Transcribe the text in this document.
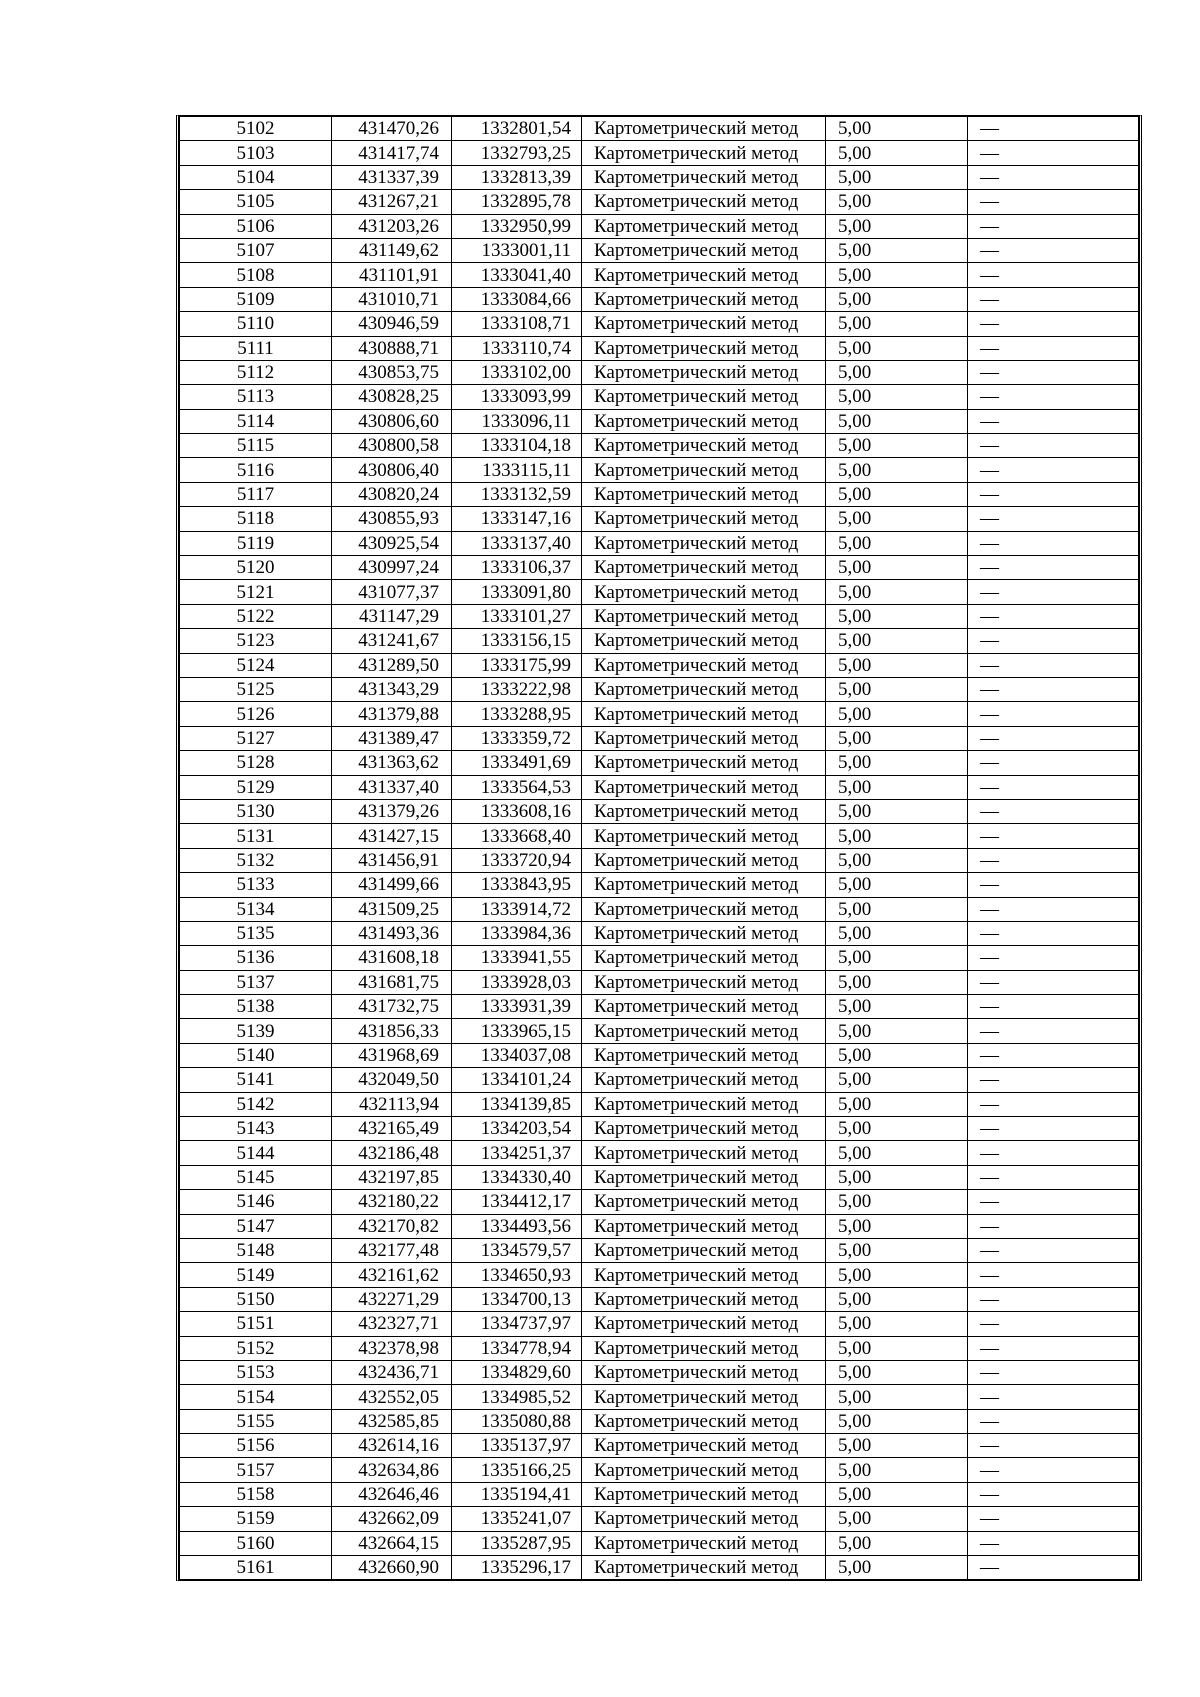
5102	431470,26	1332801,54	Картометрический метод	5,00	—
5103	431417,74	1332793,25	Картометрический метод	5,00	—
5104	431337,39	1332813,39	Картометрический метод	5,00	—
5105	431267,21	1332895,78	Картометрический метод	5,00	—
5106	431203,26	1332950,99	Картометрический метод	5,00	—
5107	431149,62	1333001,11	Картометрический метод	5,00	—
5108	431101,91	1333041,40	Картометрический метод	5,00	—
5109	431010,71	1333084,66	Картометрический метод	5,00	—
5110	430946,59	1333108,71	Картометрический метод	5,00	—
5111	430888,71	1333110,74	Картометрический метод	5,00	—
5112	430853,75	1333102,00	Картометрический метод	5,00	—
5113	430828,25	1333093,99	Картометрический метод	5,00	—
5114	430806,60	1333096,11	Картометрический метод	5,00	—
5115	430800,58	1333104,18	Картометрический метод	5,00	—
5116	430806,40	1333115,11	Картометрический метод	5,00	—
5117	430820,24	1333132,59	Картометрический метод	5,00	—
5118	430855,93	1333147,16	Картометрический метод	5,00	—
5119	430925,54	1333137,40	Картометрический метод	5,00	—
5120	430997,24	1333106,37	Картометрический метод	5,00	—
5121	431077,37	1333091,80	Картометрический метод	5,00	—
5122	431147,29	1333101,27	Картометрический метод	5,00	—
5123	431241,67	1333156,15	Картометрический метод	5,00	—
5124	431289,50	1333175,99	Картометрический метод	5,00	—
5125	431343,29	1333222,98	Картометрический метод	5,00	—
5126	431379,88	1333288,95	Картометрический метод	5,00	—
5127	431389,47	1333359,72	Картометрический метод	5,00	—
5128	431363,62	1333491,69	Картометрический метод	5,00	—
5129	431337,40	1333564,53	Картометрический метод	5,00	—
5130	431379,26	1333608,16	Картометрический метод	5,00	—
5131	431427,15	1333668,40	Картометрический метод	5,00	—
5132	431456,91	1333720,94	Картометрический метод	5,00	—
5133	431499,66	1333843,95	Картометрический метод	5,00	—
5134	431509,25	1333914,72	Картометрический метод	5,00	—
5135	431493,36	1333984,36	Картометрический метод	5,00	—
5136	431608,18	1333941,55	Картометрический метод	5,00	—
5137	431681,75	1333928,03	Картометрический метод	5,00	—
5138	431732,75	1333931,39	Картометрический метод	5,00	—
5139	431856,33	1333965,15	Картометрический метод	5,00	—
5140	431968,69	1334037,08	Картометрический метод	5,00	—
5141	432049,50	1334101,24	Картометрический метод	5,00	—
5142	432113,94	1334139,85	Картометрический метод	5,00	—
5143	432165,49	1334203,54	Картометрический метод	5,00	—
5144	432186,48	1334251,37	Картометрический метод	5,00	—
5145	432197,85	1334330,40	Картометрический метод	5,00	—
5146	432180,22	1334412,17	Картометрический метод	5,00	—
5147	432170,82	1334493,56	Картометрический метод	5,00	—
5148	432177,48	1334579,57	Картометрический метод	5,00	—
5149	432161,62	1334650,93	Картометрический метод	5,00	—
5150	432271,29	1334700,13	Картометрический метод	5,00	—
5151	432327,71	1334737,97	Картометрический метод	5,00	—
5152	432378,98	1334778,94	Картометрический метод	5,00	—
5153	432436,71	1334829,60	Картометрический метод	5,00	—
5154	432552,05	1334985,52	Картометрический метод	5,00	—
5155	432585,85	1335080,88	Картометрический метод	5,00	—
5156	432614,16	1335137,97	Картометрический метод	5,00	—
5157	432634,86	1335166,25	Картометрический метод	5,00	—
5158	432646,46	1335194,41	Картометрический метод	5,00	—
5159	432662,09	1335241,07	Картометрический метод	5,00	—
5160	432664,15	1335287,95	Картометрический метод	5,00	—
5161	432660,90	1335296,17	Картометрический метод	5,00	—
